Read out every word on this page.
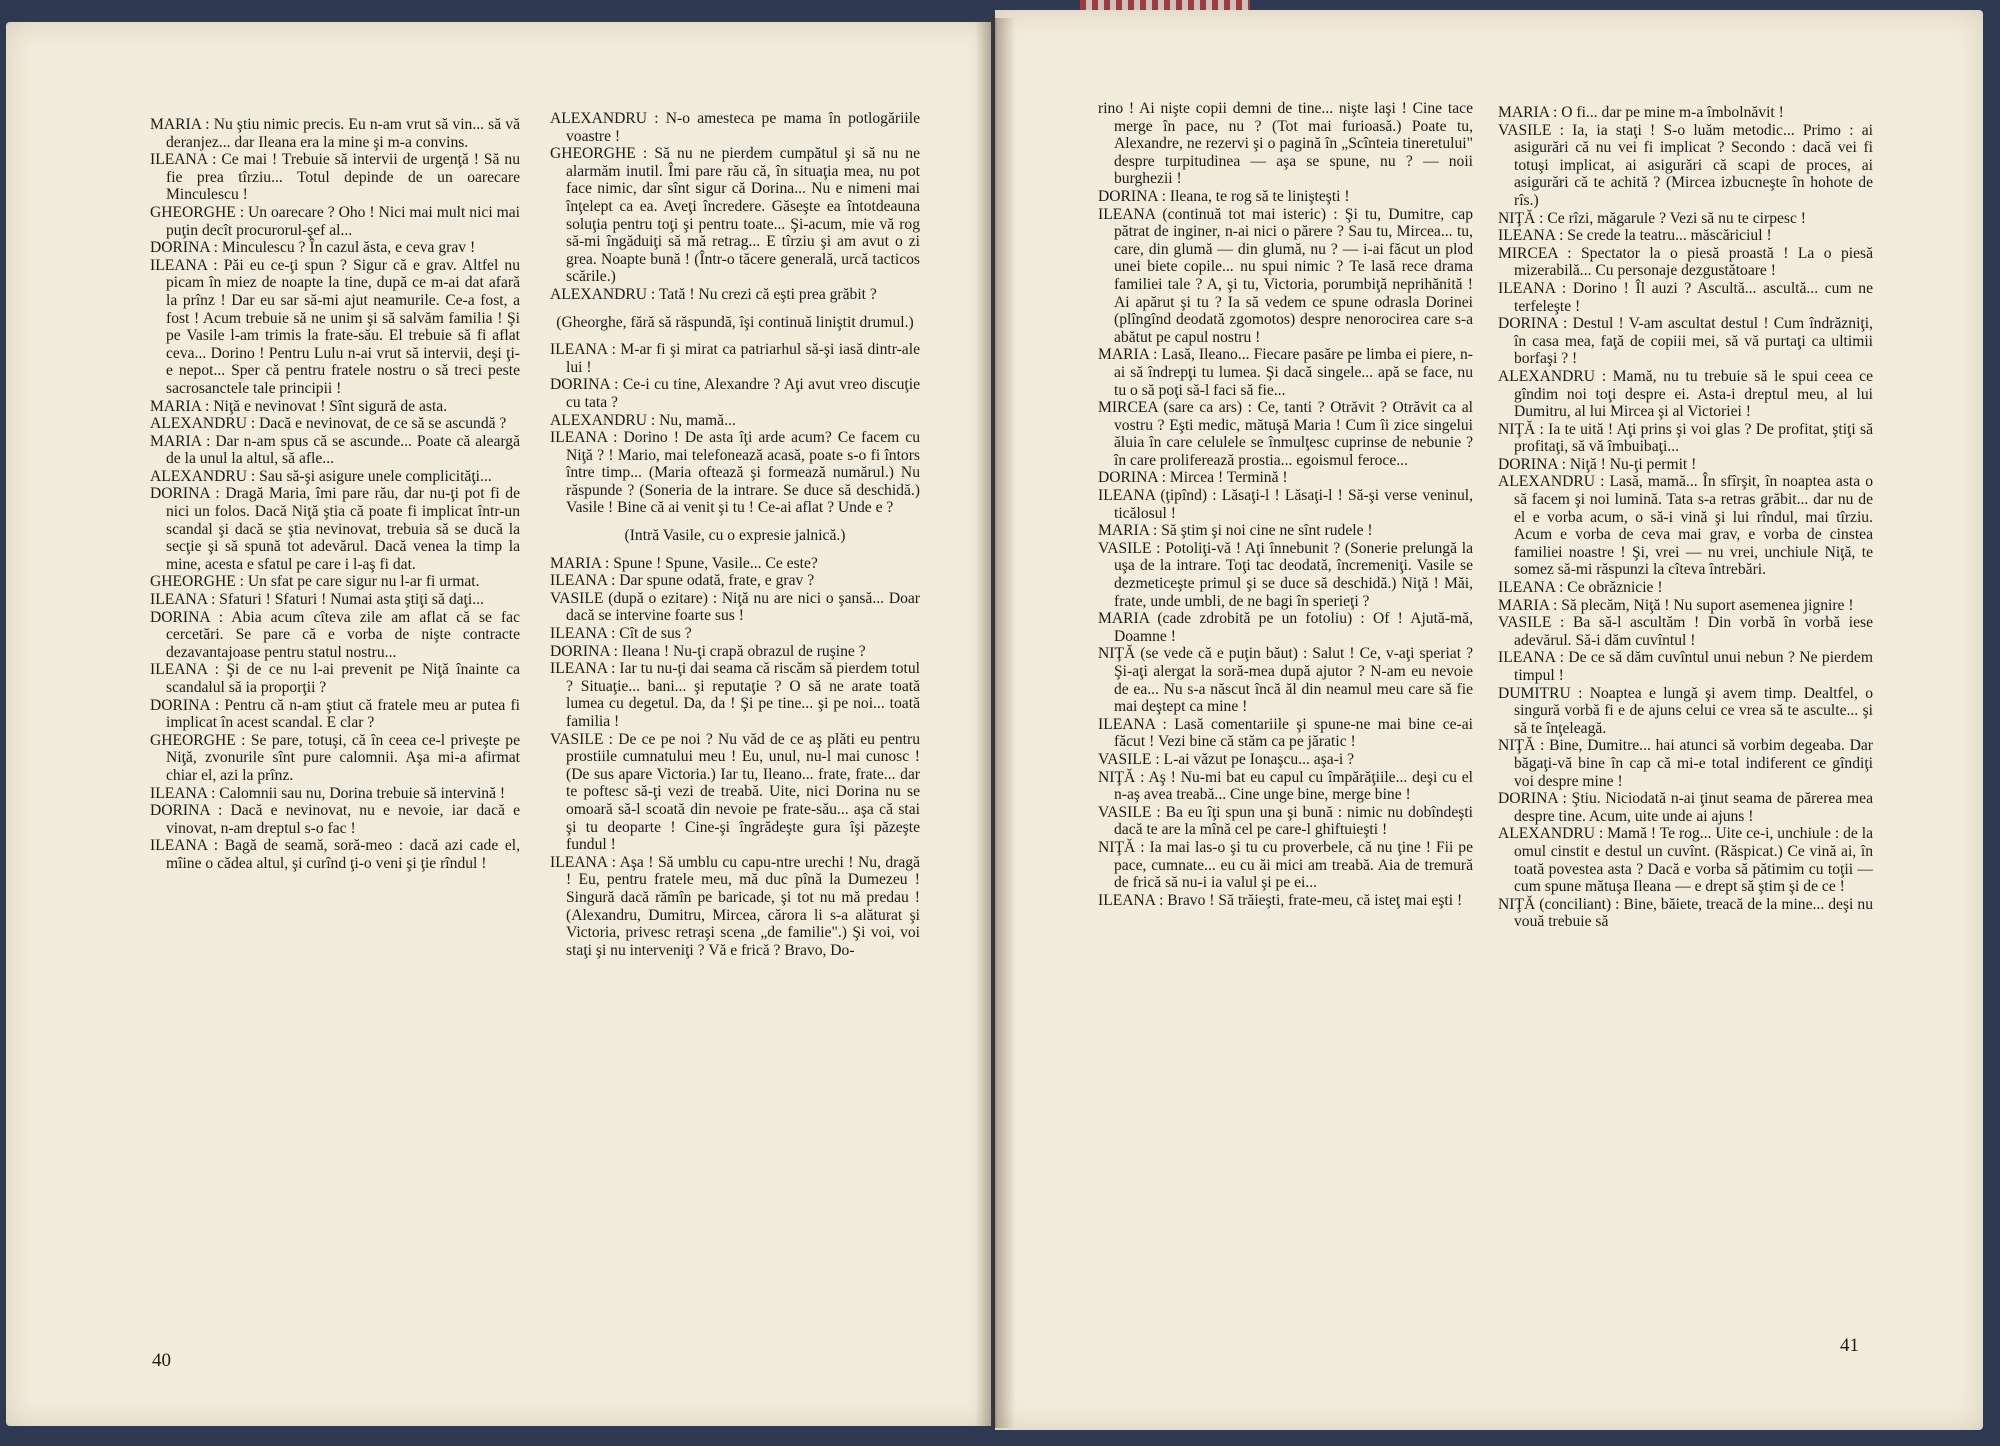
MARIA : Nu ştiu nimic precis. Eu n-am vrut să vin... să vă deranjez... dar Ileana era la mine şi m-a convins.

ILEANA : Ce mai ! Trebuie să intervii de urgenţă ! Să nu fie prea tîrziu... Totul depinde de un oarecare Minculescu !

GHEORGHE : Un oarecare ? Oho ! Nici mai mult nici mai puţin decît procurorul-şef al...

DORINA : Minculescu ? În cazul ăsta, e ceva grav !

ILEANA : Păi eu ce-ţi spun ? Sigur că e grav. Altfel nu picam în miez de noapte la tine, după ce m-ai dat afară la prînz ! Dar eu sar să-mi ajut neamurile. Ce-a fost, a fost ! Acum trebuie să ne unim şi să salvăm familia ! Şi pe Vasile l-am trimis la frate-său. El trebuie să fi aflat ceva... Dorino ! Pentru Lulu n-ai vrut să intervii, deşi ţi-e nepot... Sper că pentru fratele nostru o să treci peste sacrosanctele tale principii !

MARIA : Niţă e nevinovat ! Sînt sigură de asta.

ALEXANDRU : Dacă e nevinovat, de ce să se ascundă ?

MARIA : Dar n-am spus că se ascunde... Poate că aleargă de la unul la altul, să afle...

ALEXANDRU : Sau să-şi asigure unele complicităţi...

DORINA : Dragă Maria, îmi pare rău, dar nu-ţi pot fi de nici un folos. Dacă Niţă ştia că poate fi implicat într-un scandal şi dacă se ştia nevinovat, trebuia să se ducă la secţie şi să spună tot adevărul. Dacă venea la timp la mine, acesta e sfatul pe care i l-aş fi dat.

GHEORGHE : Un sfat pe care sigur nu l-ar fi urmat.

ILEANA : Sfaturi ! Sfaturi ! Numai asta ştiţi să daţi...

DORINA : Abia acum cîteva zile am aflat că se fac cercetări. Se pare că e vorba de nişte contracte dezavantajoase pentru statul nostru...

ILEANA : Şi de ce nu l-ai prevenit pe Niţă înainte ca scandalul să ia proporţii ?

DORINA : Pentru că n-am ştiut că fratele meu ar putea fi implicat în acest scandal. E clar ?

GHEORGHE : Se pare, totuşi, că în ceea ce-l priveşte pe Niţă, zvonurile sînt pure calomnii. Aşa mi-a afirmat chiar el, azi la prînz.

ILEANA : Calomnii sau nu, Dorina trebuie să intervină !

DORINA : Dacă e nevinovat, nu e nevoie, iar dacă e vinovat, n-am dreptul s-o fac !

ILEANA : Bagă de seamă, soră-meo : dacă azi cade el, mîine o cădea altul, şi curînd ţi-o veni şi ţie rîndul !

ALEXANDRU : N-o amesteca pe mama în potlogăriile voastre !

GHEORGHE : Să nu ne pierdem cumpătul şi să nu ne alarmăm inutil. Îmi pare rău că, în situaţia mea, nu pot face nimic, dar sînt sigur că Dorina... Nu e nimeni mai înţelept ca ea. Aveţi încredere. Găseşte ea întotdeauna soluţia pentru toţi şi pentru toate... Şi-acum, mie vă rog să-mi îngăduiţi să mă retrag... E tîrziu şi am avut o zi grea. Noapte bună ! (Într-o tăcere generală, urcă tacticos scările.)

ALEXANDRU : Tată ! Nu crezi că eşti prea grăbit ?

(Gheorghe, fără să răspundă, îşi continuă liniştit drumul.)

ILEANA : M-ar fi şi mirat ca patriarhul să-şi iasă dintr-ale lui !

DORINA : Ce-i cu tine, Alexandre ? Aţi avut vreo discuţie cu tata ?

ALEXANDRU : Nu, mamă...

ILEANA : Dorino ! De asta îţi arde acum? Ce facem cu Niţă ? ! Mario, mai telefonează acasă, poate s-o fi întors între timp... (Maria oftează şi formează numărul.) Nu răspunde ? (Soneria de la intrare. Se duce să deschidă.) Vasile ! Bine că ai venit şi tu ! Ce-ai aflat ? Unde e ?

(Intră Vasile, cu o expresie jalnică.)

MARIA : Spune ! Spune, Vasile... Ce este?

ILEANA : Dar spune odată, frate, e grav ?

VASILE (după o ezitare) : Niţă nu are nici o şansă... Doar dacă se intervine foarte sus !

ILEANA : Cît de sus ?

DORINA : Ileana ! Nu-ţi crapă obrazul de ruşine ?

ILEANA : Iar tu nu-ţi dai seama că riscăm să pierdem totul ? Situaţie... bani... şi reputaţie ? O să ne arate toată lumea cu degetul. Da, da ! Şi pe tine... şi pe noi... toată familia !

VASILE : De ce pe noi ? Nu văd de ce aş plăti eu pentru prostiile cumnatului meu ! Eu, unul, nu-l mai cunosc ! (De sus apare Victoria.) Iar tu, Ileano... frate, frate... dar te poftesc să-ţi vezi de treabă. Uite, nici Dorina nu se omoară să-l scoată din nevoie pe frate-său... aşa că stai şi tu deoparte ! Cine-şi îngrădeşte gura îşi păzeşte fundul !

ILEANA : Aşa ! Să umblu cu capu-ntre urechi ! Nu, dragă ! Eu, pentru fratele meu, mă duc pînă la Dumezeu ! Singură dacă rămîn pe baricade, şi tot nu mă predau ! (Alexandru, Dumitru, Mircea, cărora li s-a alăturat şi Victoria, privesc retraşi scena „de familie".) Şi voi, voi staţi şi nu interveniţi ? Vă e frică ? Bravo, Do-

rino ! Ai nişte copii demni de tine... nişte laşi ! Cine tace merge în pace, nu ? (Tot mai furioasă.) Poate tu, Alexandre, ne rezervi şi o pagină în „Scînteia tineretului" despre turpitudinea — aşa se spune, nu ? — noii burghezii !

DORINA : Ileana, te rog să te linişteşti !

ILEANA (continuă tot mai isteric) : Şi tu, Dumitre, cap pătrat de inginer, n-ai nici o părere ? Sau tu, Mircea... tu, care, din glumă — din glumă, nu ? — i-ai făcut un plod unei biete copile... nu spui nimic ? Te lasă rece drama familiei tale ? A, şi tu, Victoria, porumbiţă neprihănită ! Ai apărut şi tu ? Ia să vedem ce spune odrasla Dorinei (plîngînd deodată zgomotos) despre nenorocirea care s-a abătut pe capul nostru !

MARIA : Lasă, Ileano... Fiecare pasăre pe limba ei piere, n-ai să îndrepţi tu lumea. Şi dacă singele... apă se face, nu tu o să poţi să-l faci să fie...

MIRCEA (sare ca ars) : Ce, tanti ? Otrăvit ? Otrăvit ca al vostru ? Eşti medic, mătuşă Maria ! Cum îi zice singelui ăluia în care celulele se înmulţesc cuprinse de nebunie ? în care proliferează prostia... egoismul feroce...

DORINA : Mircea ! Termină !

ILEANA (ţipînd) : Lăsaţi-l ! Lăsaţi-l ! Să-şi verse veninul, ticălosul !

MARIA : Să ştim şi noi cine ne sînt rudele !

VASILE : Potoliţi-vă ! Aţi înnebunit ? (Sonerie prelungă la uşa de la intrare. Toţi tac deodată, încremeniţi. Vasile se dezmeticeşte primul şi se duce să deschidă.) Niţă ! Măi, frate, unde umbli, de ne bagi în sperieţi ?

MARIA (cade zdrobită pe un fotoliu) : Of ! Ajută-mă, Doamne !

NIŢĂ (se vede că e puţin băut) : Salut ! Ce, v-aţi speriat ? Şi-aţi alergat la soră-mea după ajutor ? N-am eu nevoie de ea... Nu s-a născut încă ăl din neamul meu care să fie mai deştept ca mine !

ILEANA : Lasă comentariile şi spune-ne mai bine ce-ai făcut ! Vezi bine că stăm ca pe jăratic !

VASILE : L-ai văzut pe Ionaşcu... aşa-i ?

NIŢĂ : Aş ! Nu-mi bat eu capul cu împărăţiile... deşi cu el n-aş avea treabă... Cine unge bine, merge bine !

VASILE : Ba eu îţi spun una şi bună : nimic nu dobîndeşti dacă te are la mînă cel pe care-l ghiftuieşti !

NIŢĂ : Ia mai las-o şi tu cu proverbele, că nu ţine ! Fii pe pace, cumnate... eu cu ăi mici am treabă. Aia de tremură de frică să nu-i ia valul şi pe ei...

ILEANA : Bravo ! Să trăieşti, frate-meu, că isteţ mai eşti !

MARIA : O fi... dar pe mine m-a îmbolnăvit !

VASILE : Ia, ia staţi ! S-o luăm metodic... Primo : ai asigurări că nu vei fi implicat ? Secondo : dacă vei fi totuşi implicat, ai asigurări că scapi de proces, ai asigurări că te achită ? (Mircea izbucneşte în hohote de rîs.)

NIŢĂ : Ce rîzi, măgarule ? Vezi să nu te cirpesc !

ILEANA : Se crede la teatru... măscăriciul !

MIRCEA : Spectator la o piesă proastă ! La o piesă mizerabilă... Cu personaje dezgustătoare !

ILEANA : Dorino ! Îl auzi ? Ascultă... ascultă... cum ne terfeleşte !

DORINA : Destul ! V-am ascultat destul ! Cum îndrăzniţi, în casa mea, faţă de copiii mei, să vă purtaţi ca ultimii borfaşi ? !

ALEXANDRU : Mamă, nu tu trebuie să le spui ceea ce gîndim noi toţi despre ei. Asta-i dreptul meu, al lui Dumitru, al lui Mircea şi al Victoriei !

NIŢĂ : Ia te uită ! Aţi prins şi voi glas ? De profitat, ştiţi să profitaţi, să vă îmbuibaţi...

DORINA : Niţă ! Nu-ţi permit !

ALEXANDRU : Lasă, mamă... În sfîrşit, în noaptea asta o să facem şi noi lumină. Tata s-a retras grăbit... dar nu de el e vorba acum, o să-i vină şi lui rîndul, mai tîrziu. Acum e vorba de ceva mai grav, e vorba de cinstea familiei noastre ! Şi, vrei — nu vrei, unchiule Niţă, te somez să-mi răspunzi la cîteva întrebări.

ILEANA : Ce obrăznicie !

MARIA : Să plecăm, Niţă ! Nu suport asemenea jignire !

VASILE : Ba să-l ascultăm ! Din vorbă în vorbă iese adevărul. Să-i dăm cuvîntul !

ILEANA : De ce să dăm cuvîntul unui nebun ? Ne pierdem timpul !

DUMITRU : Noaptea e lungă şi avem timp. Dealtfel, o singură vorbă fi e de ajuns celui ce vrea să te asculte... şi să te înţeleagă.

NIŢĂ : Bine, Dumitre... hai atunci să vorbim degeaba. Dar băgaţi-vă bine în cap că mi-e total indiferent ce gîndiţi voi despre mine !

DORINA : Ştiu. Niciodată n-ai ţinut seama de părerea mea despre tine. Acum, uite unde ai ajuns !

ALEXANDRU : Mamă ! Te rog... Uite ce-i, unchiule : de la omul cinstit e destul un cuvînt. (Răspicat.) Ce vină ai, în toată povestea asta ? Dacă e vorba să pătimim cu toţii — cum spune mătuşa Ileana — e drept să ştim şi de ce !

NIŢĂ (conciliant) : Bine, băiete, treacă de la mine... deşi nu vouă trebuie să

40
41
